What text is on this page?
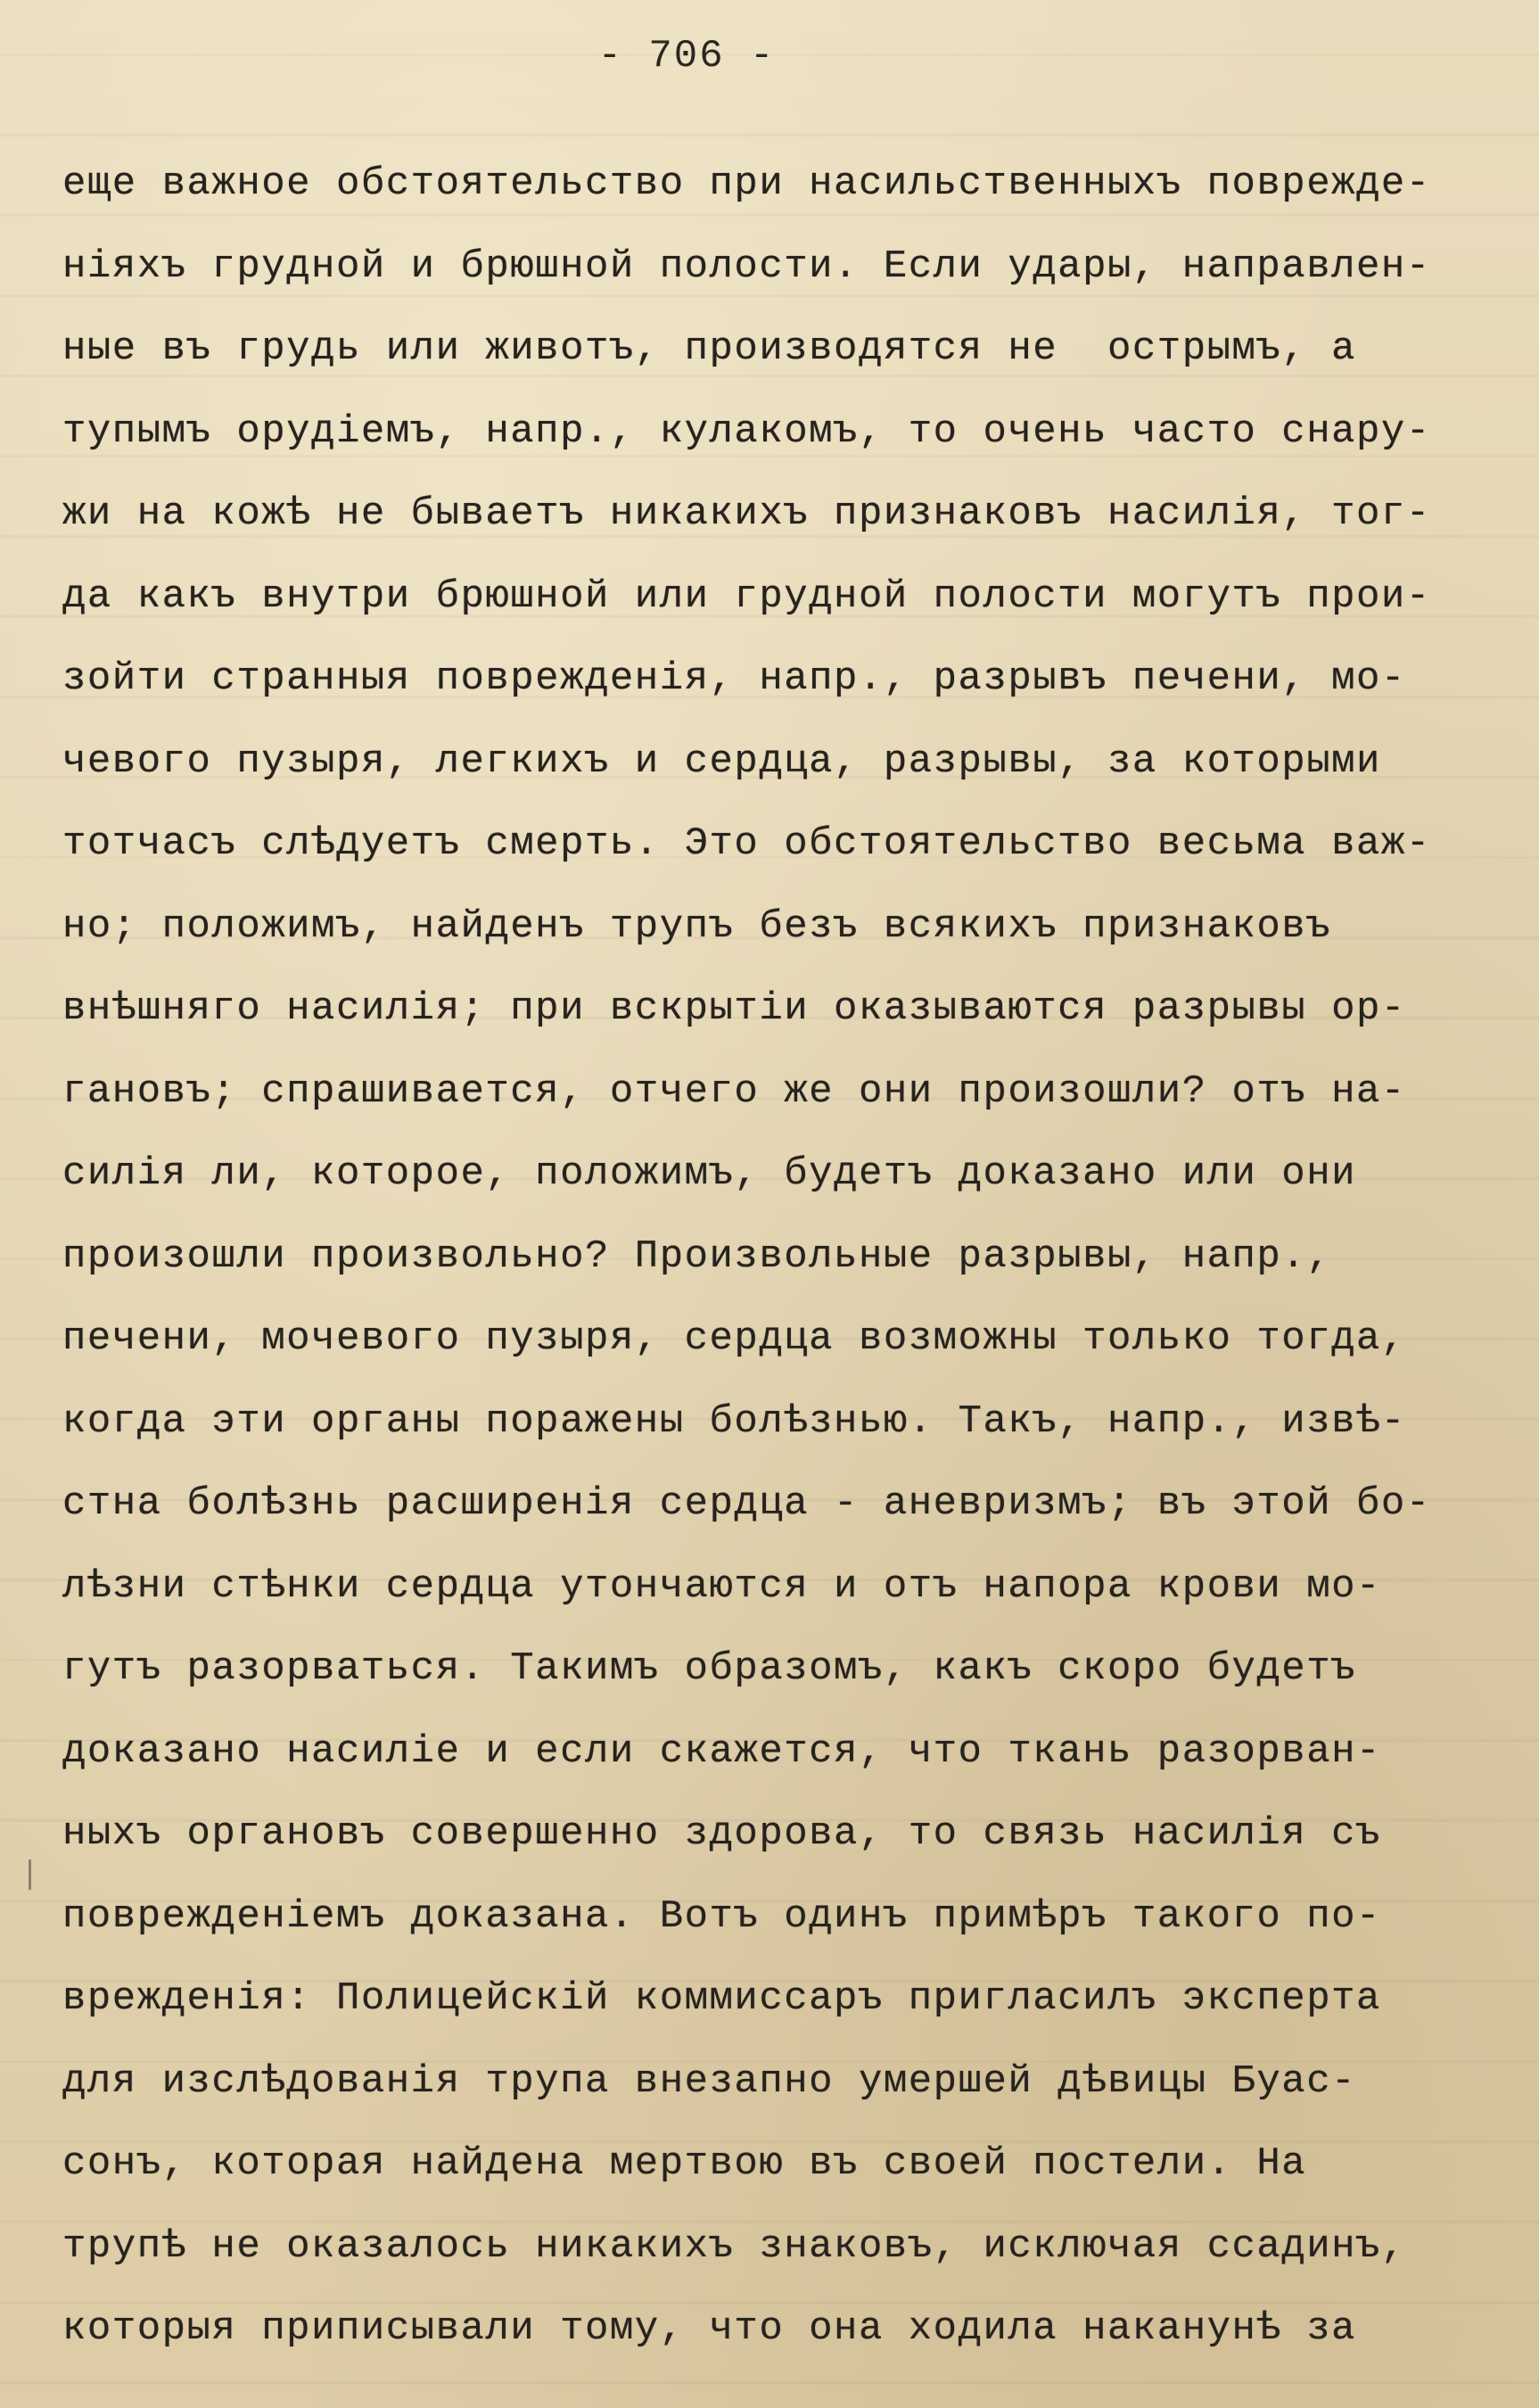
- 706 -
еще важное обстоятельство при насильственныхъ поврежде-
нiяхъ грудной и брюшной полости. Если удары, направлен-
ные въ грудь или животъ, производятся не  острымъ, а
тупымъ орудiемъ, напр., кулакомъ, то очень часто снару-
жи на кожѣ не бываетъ никакихъ признаковъ насилiя, тог-
да какъ внутри брюшной или грудной полости могутъ прои-
зойти странныя поврежденiя, напр., разрывъ печени, мо-
чевого пузыря, легкихъ и сердца, разрывы, за которыми
тотчасъ слѣдуетъ смерть. Это обстоятельство весьма важ-
но; положимъ, найденъ трупъ безъ всякихъ признаковъ
внѣшняго насилiя; при вскрытiи оказываются разрывы ор-
гановъ; спрашивается, отчего же они произошли? отъ на-
силiя ли, которое, положимъ, будетъ доказано или они
произошли произвольно? Произвольные разрывы, напр.,
печени, мочевого пузыря, сердца возможны только тогда,
когда эти органы поражены болѣзнью. Такъ, напр., извѣ-
стна болѣзнь расширенiя сердца - аневризмъ; въ этой бо-
лѣзни стѣнки сердца утончаются и отъ напора крови мо-
гутъ разорваться. Такимъ образомъ, какъ скоро будетъ
доказано насилiе и если скажется, что ткань разорван-
ныхъ органовъ совершенно здорова, то связь насилiя съ
поврежденiемъ доказана. Вотъ одинъ примѣръ такого по-
врежденiя: Полицейскiй коммиссаръ пригласилъ эксперта
для изслѣдованiя трупа внезапно умершей дѣвицы Буас-
сонъ, которая найдена мертвою въ своей постели. На
трупѣ не оказалось никакихъ знаковъ, исключая ссадинъ,
которыя приписывали тому, что она ходила наканунѣ за
